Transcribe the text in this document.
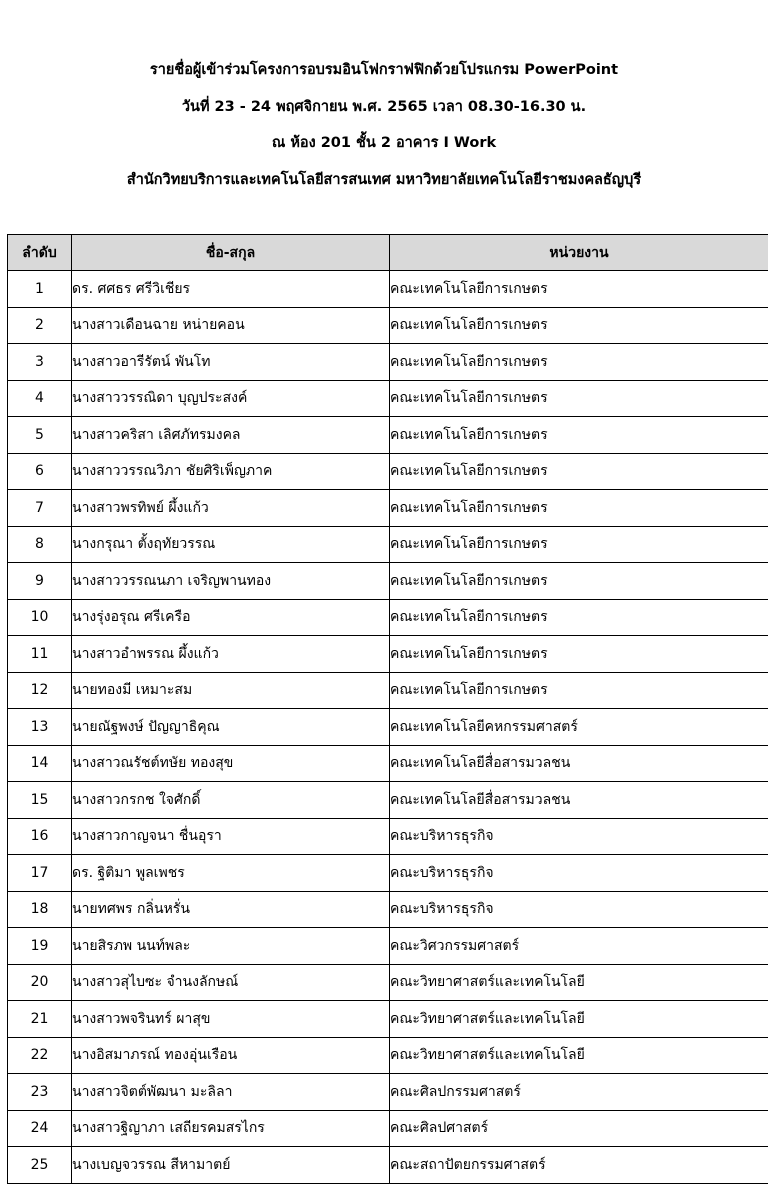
รายชื่อผู้เข้าร่วมโครงการอบรมอินโฟกราฟฟิกด้วยโปรแกรม PowerPoint
วันที่ 23 - 24 พฤศจิกายน พ.ศ. 2565 เวลา 08.30-16.30 น.
ณ ห้อง 201 ชั้น 2 อาคาร I Work
สำนักวิทยบริการและเทคโนโลยีสารสนเทศ มหาวิทยาลัยเทคโนโลยีราชมงคลธัญบุรี
ลำดับ	ชื่อ-สกุล	หน่วยงาน
1	ดร. ศศธร ศรีวิเชียร	คณะเทคโนโลยีการเกษตร
2	นางสาวเดือนฉาย หน่ายคอน	คณะเทคโนโลยีการเกษตร
3	นางสาวอารีรัตน์ พันโท	คณะเทคโนโลยีการเกษตร
4	นางสาววรรณิดา บุญประสงค์	คณะเทคโนโลยีการเกษตร
5	นางสาวคริสา เลิศภัทรมงคล	คณะเทคโนโลยีการเกษตร
6	นางสาววรรณวิภา ชัยศิริเพ็ญภาค	คณะเทคโนโลยีการเกษตร
7	นางสาวพรทิพย์ ผึ้งแก้ว	คณะเทคโนโลยีการเกษตร
8	นางกรุณา ตั้งฤทัยวรรณ	คณะเทคโนโลยีการเกษตร
9	นางสาววรรณนภา เจริญพานทอง	คณะเทคโนโลยีการเกษตร
10	นางรุ่งอรุณ ศรีเครือ	คณะเทคโนโลยีการเกษตร
11	นางสาวอำพรรณ ผึ้งแก้ว	คณะเทคโนโลยีการเกษตร
12	นายทองมี เหมาะสม	คณะเทคโนโลยีการเกษตร
13	นายณัฐพงษ์ ปัญญาธิคุณ	คณะเทคโนโลยีคหกรรมศาสตร์
14	นางสาวณรัชต์ทษัย ทองสุข	คณะเทคโนโลยีสื่อสารมวลชน
15	นางสาวกรกช ใจศักดิ์	คณะเทคโนโลยีสื่อสารมวลชน
16	นางสาวกาญจนา ชื่นอุรา	คณะบริหารธุรกิจ
17	ดร. ฐิติมา พูลเพชร	คณะบริหารธุรกิจ
18	นายทศพร กลิ่นหรั่น	คณะบริหารธุรกิจ
19	นายสิรภพ นนท์พละ	คณะวิศวกรรมศาสตร์
20	นางสาวสุไบซะ จำนงลักษณ์	คณะวิทยาศาสตร์และเทคโนโลยี
21	นางสาวพจรินทร์ ผาสุข	คณะวิทยาศาสตร์และเทคโนโลยี
22	นางอิสมาภรณ์ ทองอุ่นเรือน	คณะวิทยาศาสตร์และเทคโนโลยี
23	นางสาวจิตต์พัฒนา มะลิลา	คณะศิลปกรรมศาสตร์
24	นางสาวฐิญาภา เสถียรคมสรไกร	คณะศิลปศาสตร์
25	นางเบญจวรรณ สีหามาตย์	คณะสถาปัตยกรรมศาสตร์
